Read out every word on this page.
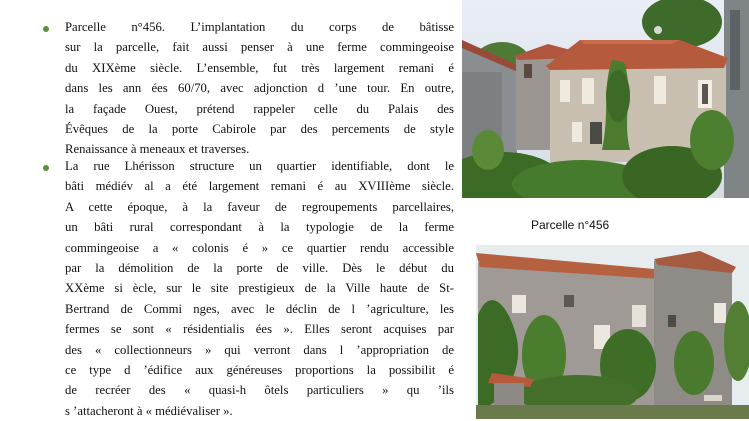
Parcelle n°456. L’implantation du corps de bâtisse
sur la parcelle, fait aussi penser à une ferme commingeoise
du XIXème siècle. L’ensemble, fut très largement remani é
dans les ann ées 60/70, avec adjonction d ’une tour. En outre,
la façade Ouest, prétend rappeler celle du Palais des
Évêques de la porte Cabirole par des percements de style
Renaissance à meneaux et traverses.
La rue Lhérisson structure un quartier identifiable, dont le
bâti médiév al a été largement remani é au XVIIIème siècle.
A cette époque, à la faveur de regroupements parcellaires,
un bâti rural correspondant à la typologie de la ferme
commingeoise a « colonis é » ce quartier rendu accessible
par la démolition de la porte de ville. Dès le début du
XXème si ècle, sur le site prestigieux de la Ville haute de St-
Bertrand de Commi nges, avec le déclin de l ’agriculture, les
fermes se sont « résidentialis ées ». Elles seront acquises par
des « collectionneurs » qui verront dans l ’appropriation de
ce type d ’édifice aux généreuses proportions la possibilit é
de recréer des « quasi-h ôtels particuliers » qu ’ils
s ’attacheront à « médiévaliser ».
Parcelle n°456
